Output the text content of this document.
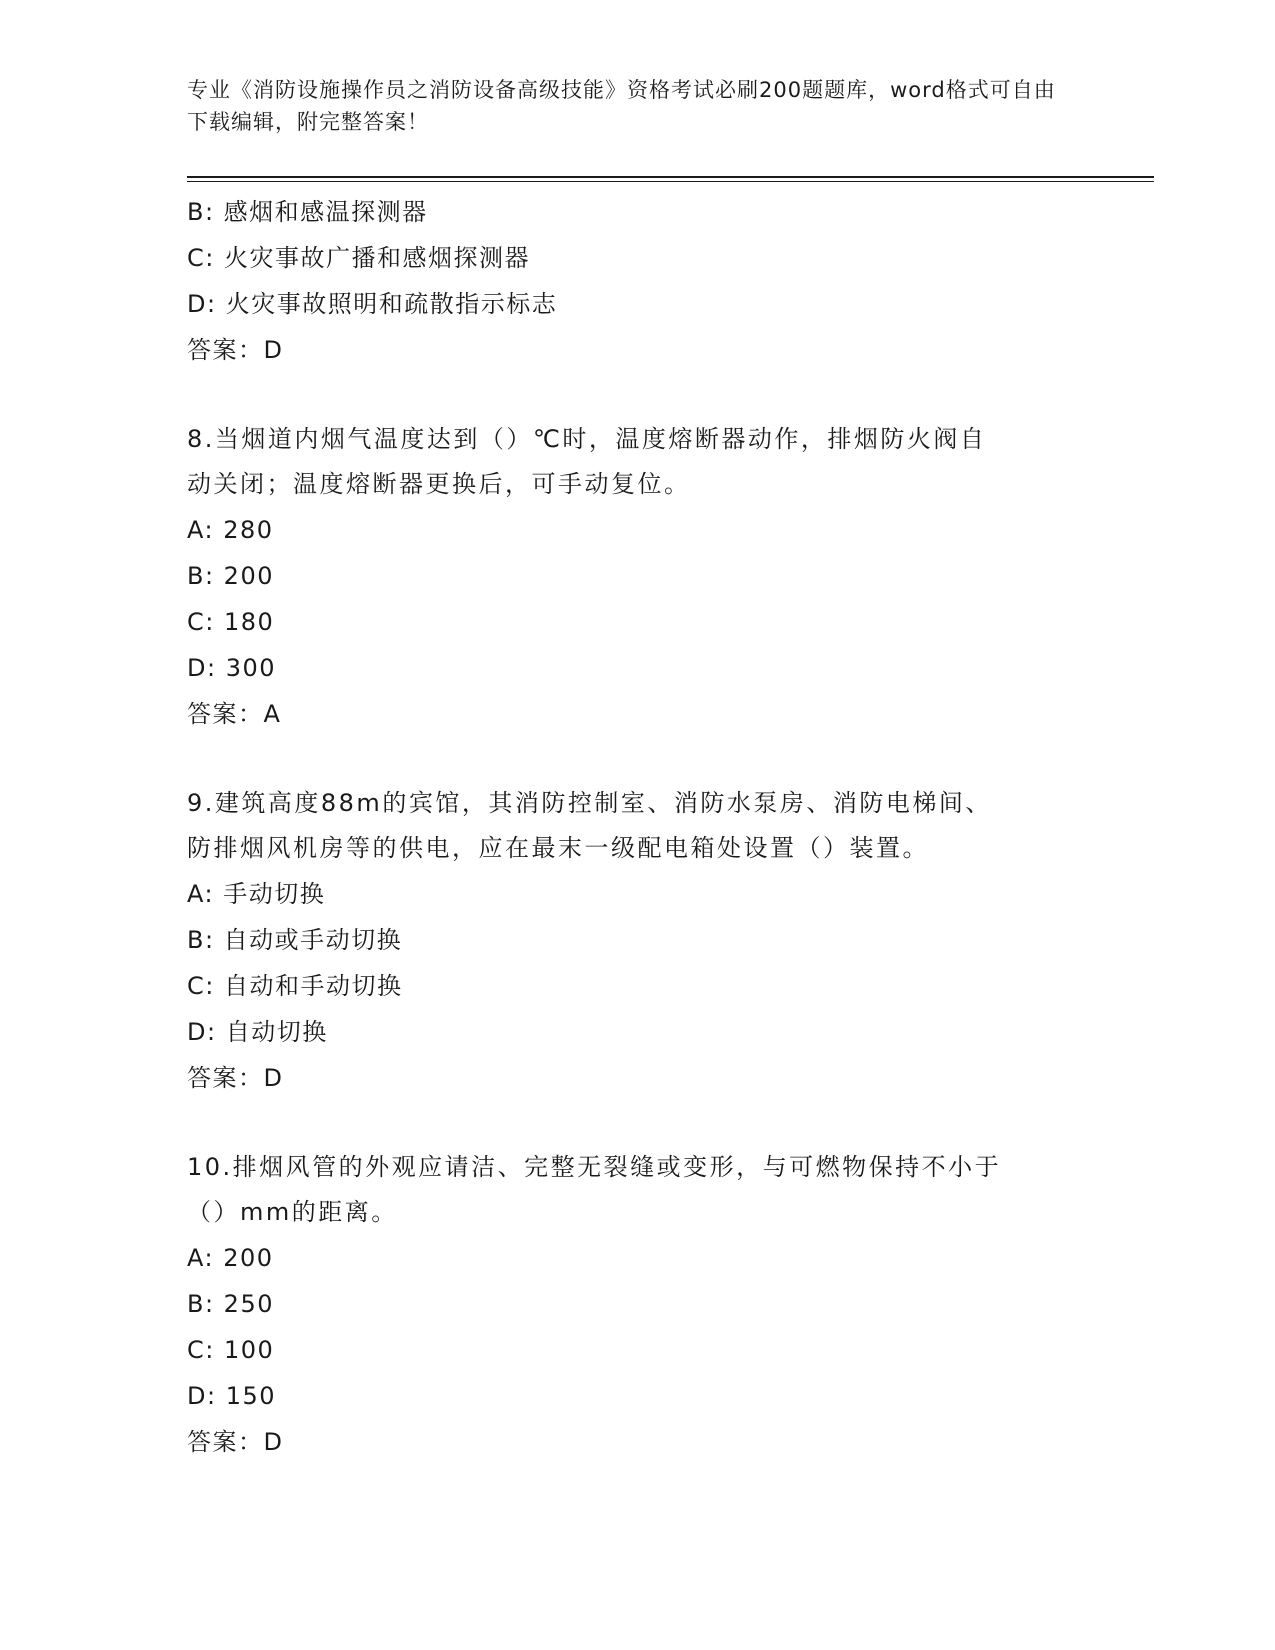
专业《消防设施操作员之消防设备高级技能》资格考试必刷200题题库，word格式可自由下载编辑，附完整答案！
B: 感烟和感温探测器
C: 火灾事故广播和感烟探测器
D: 火灾事故照明和疏散指示标志
答案：D
8.当烟道内烟气温度达到（）℃时，温度熔断器动作，排烟防火阀自
动关闭；温度熔断器更换后，可手动复位。
A: 280
B: 200
C: 180
D: 300
答案：A
9.建筑高度88m的宾馆，其消防控制室、消防水泵房、消防电梯间、
防排烟风机房等的供电，应在最末一级配电箱处设置（）装置。
A: 手动切换
B: 自动或手动切换
C: 自动和手动切换
D: 自动切换
答案：D
10.排烟风管的外观应请洁、完整无裂缝或变形，与可燃物保持不小于
（）mm的距离。
A: 200
B: 250
C: 100
D: 150
答案：D
